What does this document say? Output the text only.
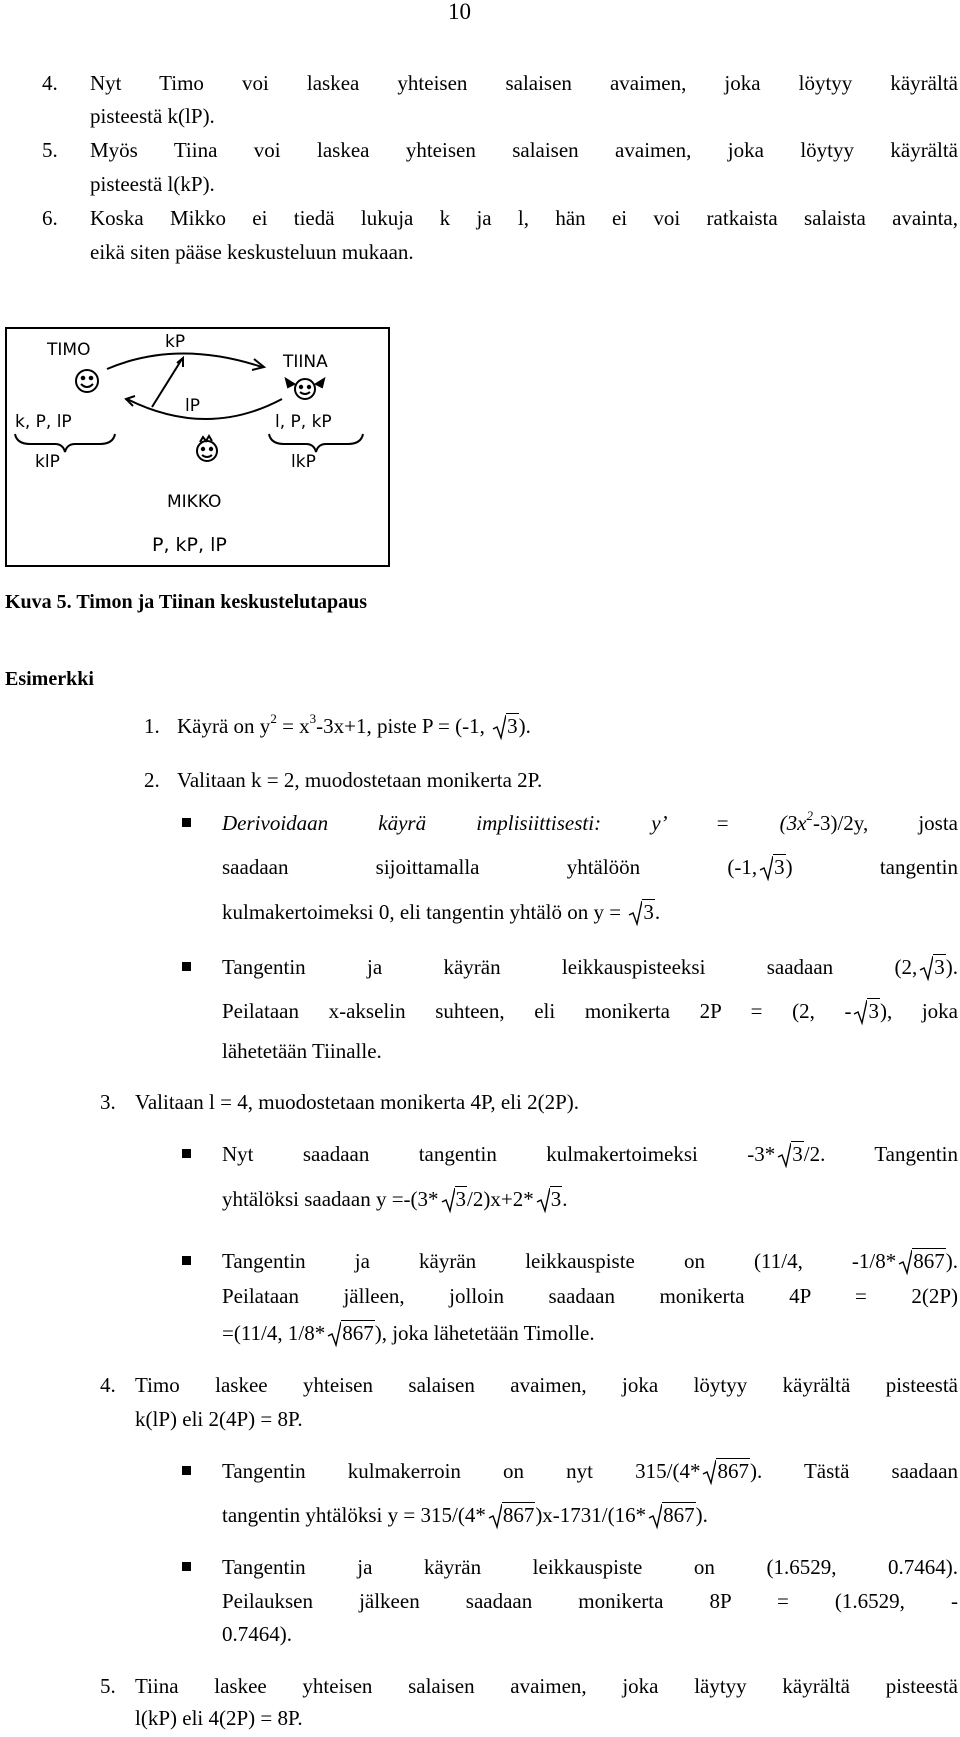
10
4. Nyt Timo voi laskea yhteisen salaisen avaimen, joka löytyy käyrältä
pisteestä k(lP).
5. Myös Tiina voi laskea yhteisen salaisen avaimen, joka löytyy käyrältä
pisteestä l(kP).
6. Koska Mikko ei tiedä lukuja k ja l, hän ei voi ratkaista salaista avainta,
eikä siten pääse keskusteluun mukaan.
TIMO	kP
TIINA
lP
k, P, lP
klP
l, P, kP
lkP
MIKKO
P, kP, lP
Kuva 5. Timon ja Tiinan keskustelutapaus
Esimerkki
1. Käyrä on $y^2 = x^3-3x+1$, piste P = (-1,
3).
2. Valitaan k = 2, muodostetaan monikerta 2P.
Derivoidaan käyrä implisiittisesti: y’ = $(3x^2-3)/2y$, josta
saadaan sijoittamalla yhtälöön (-1, 3) tangentin
kulmakertoimeksi 0, eli tangentin yhtälö on y =
3.
Tangentin ja käyrän leikkauspisteeksi saadaan (2, 3).
Peilataan x-akselin suhteen, eli monikerta 2P = (2, - 3), joka
lähetetään Tiinalle.
3. Valitaan l = 4, muodostetaan monikerta 4P, eli 2(2P).
Nyt saadaan tangentin kulmakertoimeksi -3* 3/2. Tangentin
yhtälöksi saadaan y =-(3* 3/2)x+2* 3.
Tangentin ja käyrän leikkauspiste on (11/4, -1/8* 867).
Peilataan jälleen, jolloin saadaan monikerta 4P = 2(2P)
=(11/4, 1/8* 867), joka lähetetään Timolle.
4. Timo laskee yhteisen salaisen avaimen, joka löytyy käyrältä pisteestä
k(lP) eli 2(4P) = 8P.
Tangentin kulmakerroin on nyt 315/(4* 867). Tästä saadaan
tangentin yhtälöksi y = 315/(4* 867)x-1731/(16* 867).
Tangentin ja käyrän leikkauspiste on (1.6529, 0.7464).
Peilauksen jälkeen saadaan monikerta 8P = (1.6529, -
0.7464).
5. Tiina laskee yhteisen salaisen avaimen, joka läytyy käyrältä pisteestä
l(kP) eli 4(2P) = 8P.
